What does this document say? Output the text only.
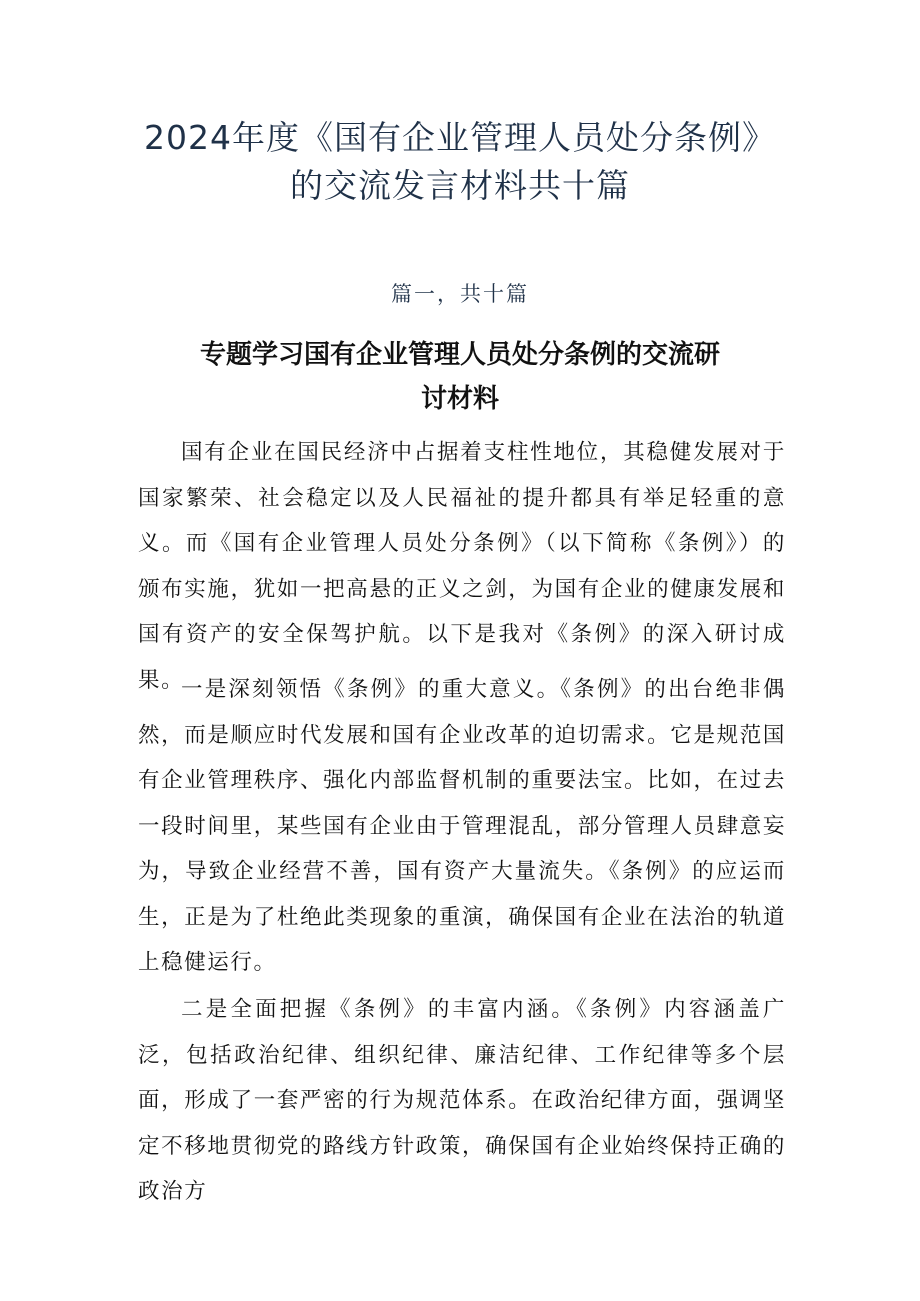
2024年度《国有企业管理人员处分条例》
的交流发言材料共十篇
篇一，共十篇
专题学习国有企业管理人员处分条例的交流研
讨材料

国有企业在国民经济中占据着支柱性地位，其稳健发展对于国家繁荣、社会稳定以及人民福祉的提升都具有举足轻重的意义。而《国有企业管理人员处分条例》（以下简称《条例》）的颁布实施，犹如一把高悬的正义之剑，为国有企业的健康发展和国有资产的安全保驾护航。以下是我对《条例》的深入研讨成果。

一是深刻领悟《条例》的重大意义。《条例》的出台绝非偶然，而是顺应时代发展和国有企业改革的迫切需求。它是规范国有企业管理秩序、强化内部监督机制的重要法宝。比如，在过去一段时间里，某些国有企业由于管理混乱，部分管理人员肆意妄为，导致企业经营不善，国有资产大量流失。《条例》的应运而生，正是为了杜绝此类现象的重演，确保国有企业在法治的轨道上稳健运行。

二是全面把握《条例》的丰富内涵。《条例》内容涵盖广泛，包括政治纪律、组织纪律、廉洁纪律、工作纪律等多个层面，形成了一套严密的行为规范体系。在政治纪律方面，强调坚定不移地贯彻党的路线方针政策，确保国有企业始终保持正确的政治方
